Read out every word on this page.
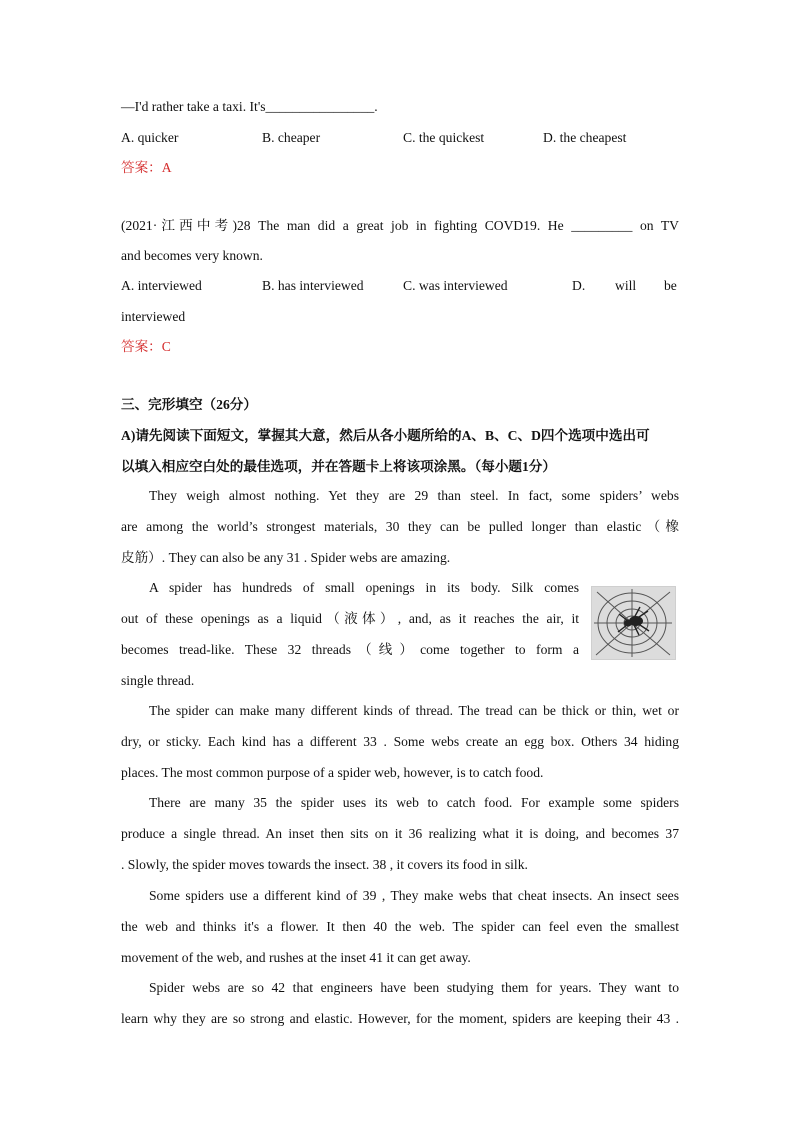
—I'd rather take a taxi. It's________________.
A. quicker	B. cheaper	C. the quickest	D. the cheapest
答案：A
(2021·江西中考)28 The man did a great job in fighting COVD19. He _________ on TV
and becomes very known.
A. interviewed	B. has interviewed	C. was interviewed	D. will be
interviewed
答案：C
三、完形填空（26分）
A)请先阅读下面短文，掌握其大意，然后从各小题所给的A、B、C、D四个选项中选出可
以填入相应空白处的最佳选项，并在答题卡上将该项涂黑。（每小题1分）
They weigh almost nothing. Yet they are 29 than steel. In fact, some spiders’ webs
are among the world’s strongest materials, 30 they can be pulled longer than elastic（橡
皮筋）. They can also be any 31 . Spider webs are amazing.
A spider has hundreds of small openings in its body. Silk comes
out of these openings as a liquid（液体）, and, as it reaches the air, it
becomes tread-like. These 32 threads（线）come together to form a
single thread.
The spider can make many different kinds of thread. The tread can be thick or thin, wet or
dry, or sticky. Each kind has a different 33 . Some webs create an egg box. Others 34 hiding
places. The most common purpose of a spider web, however, is to catch food.
There are many 35 the spider uses its web to catch food. For example some spiders
produce a single thread. An inset then sits on it 36 realizing what it is doing, and becomes 37
. Slowly, the spider moves towards the insect. 38 , it covers its food in silk.
Some spiders use a different kind of 39 , They make webs that cheat insects. An insect sees
the web and thinks it's a flower. It then 40 the web. The spider can feel even the smallest
movement of the web, and rushes at the inset 41 it can get away.
Spider webs are so 42 that engineers have been studying them for years. They want to
learn why they are so strong and elastic. However, for the moment, spiders are keeping their 43 .
